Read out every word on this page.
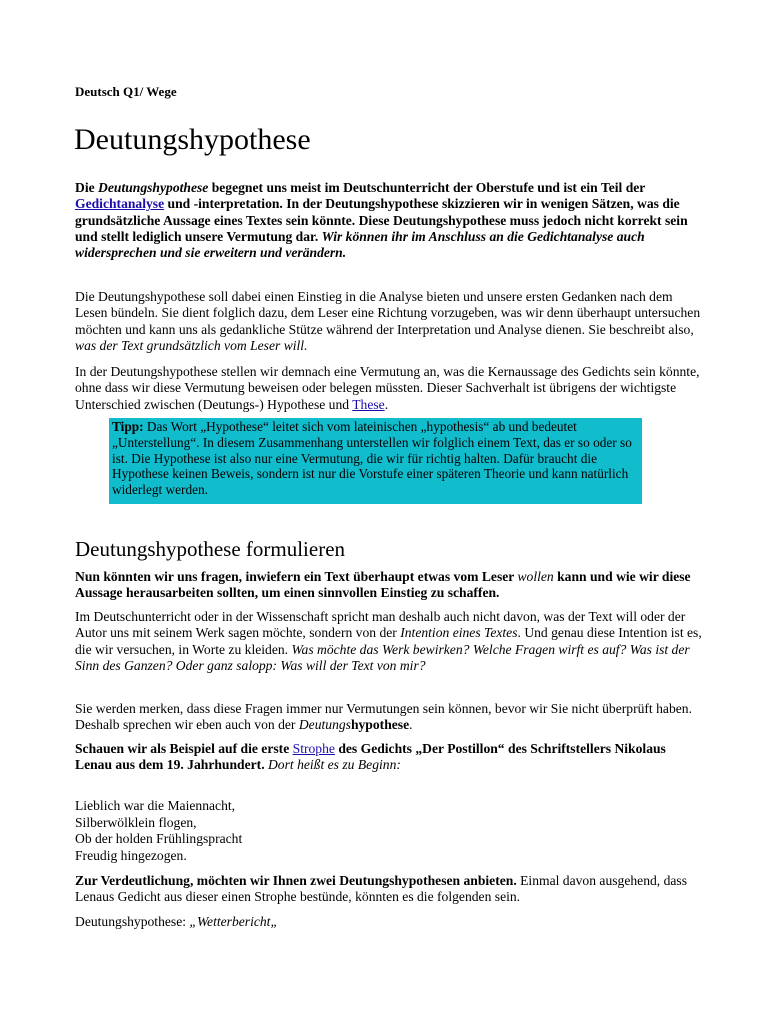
Deutsch Q1/ Wege
Deutungshypothese

Die Deutungshypothese begegnet uns meist im Deutschunterricht der Oberstufe und ist ein Teil der Gedichtanalyse und -interpretation. In der Deutungshypothese skizzieren wir in wenigen Sätzen, was die grundsätzliche Aussage eines Textes sein könnte. Diese Deutungshypothese muss jedoch nicht korrekt sein und stellt lediglich unsere Vermutung dar. Wir können ihr im Anschluss an die Gedichtanalyse auch widersprechen und sie erweitern und verändern.

Die Deutungshypothese soll dabei einen Einstieg in die Analyse bieten und unsere ersten Gedanken nach dem Lesen bündeln. Sie dient folglich dazu, dem Leser eine Richtung vorzugeben, was wir denn überhaupt untersuchen möchten und kann uns als gedankliche Stütze während der Interpretation und Analyse dienen. Sie beschreibt also, was der Text grundsätzlich vom Leser will.

In der Deutungshypothese stellen wir demnach eine Vermutung an, was die Kernaussage des Gedichts sein könnte, ohne dass wir diese Vermutung beweisen oder belegen müssten. Dieser Sachverhalt ist übrigens der wichtigste Unterschied zwischen (Deutungs-) Hypothese und These.

Tipp: Das Wort „Hypothese“ leitet sich vom lateinischen „hypothesis“ ab und bedeutet „Unterstellung“. In diesem Zusammenhang unterstellen wir folglich einem Text, das er so oder so ist. Die Hypothese ist also nur eine Vermutung, die wir für richtig halten. Dafür braucht die Hypothese keinen Beweis, sondern ist nur die Vorstufe einer späteren Theorie und kann natürlich widerlegt werden.
Deutungshypothese formulieren

Nun könnten wir uns fragen, inwiefern ein Text überhaupt etwas vom Leser wollen kann und wie wir diese Aussage herausarbeiten sollten, um einen sinnvollen Einstieg zu schaffen.

Im Deutschunterricht oder in der Wissenschaft spricht man deshalb auch nicht davon, was der Text will oder der Autor uns mit seinem Werk sagen möchte, sondern von der Intention eines Textes. Und genau diese Intention ist es, die wir versuchen, in Worte zu kleiden. Was möchte das Werk bewirken? Welche Fragen wirft es auf? Was ist der Sinn des Ganzen? Oder ganz salopp: Was will der Text von mir?

Sie werden merken, dass diese Fragen immer nur Vermutungen sein können, bevor wir Sie nicht überprüft haben. Deshalb sprechen wir eben auch von der Deutungshypothese.

Schauen wir als Beispiel auf die erste Strophe des Gedichts „Der Postillon“ des Schriftstellers Nikolaus Lenau aus dem 19. Jahrhundert. Dort heißt es zu Beginn:

Lieblich war die Maiennacht,
Silberwölklein flogen,
Ob der holden Frühlingspracht
Freudig hingezogen.

Zur Verdeutlichung, möchten wir Ihnen zwei Deutungshypothesen anbieten. Einmal davon ausgehend, dass Lenaus Gedicht aus dieser einen Strophe bestünde, könnten es die folgenden sein.

Deutungshypothese: „Wetterbericht„
